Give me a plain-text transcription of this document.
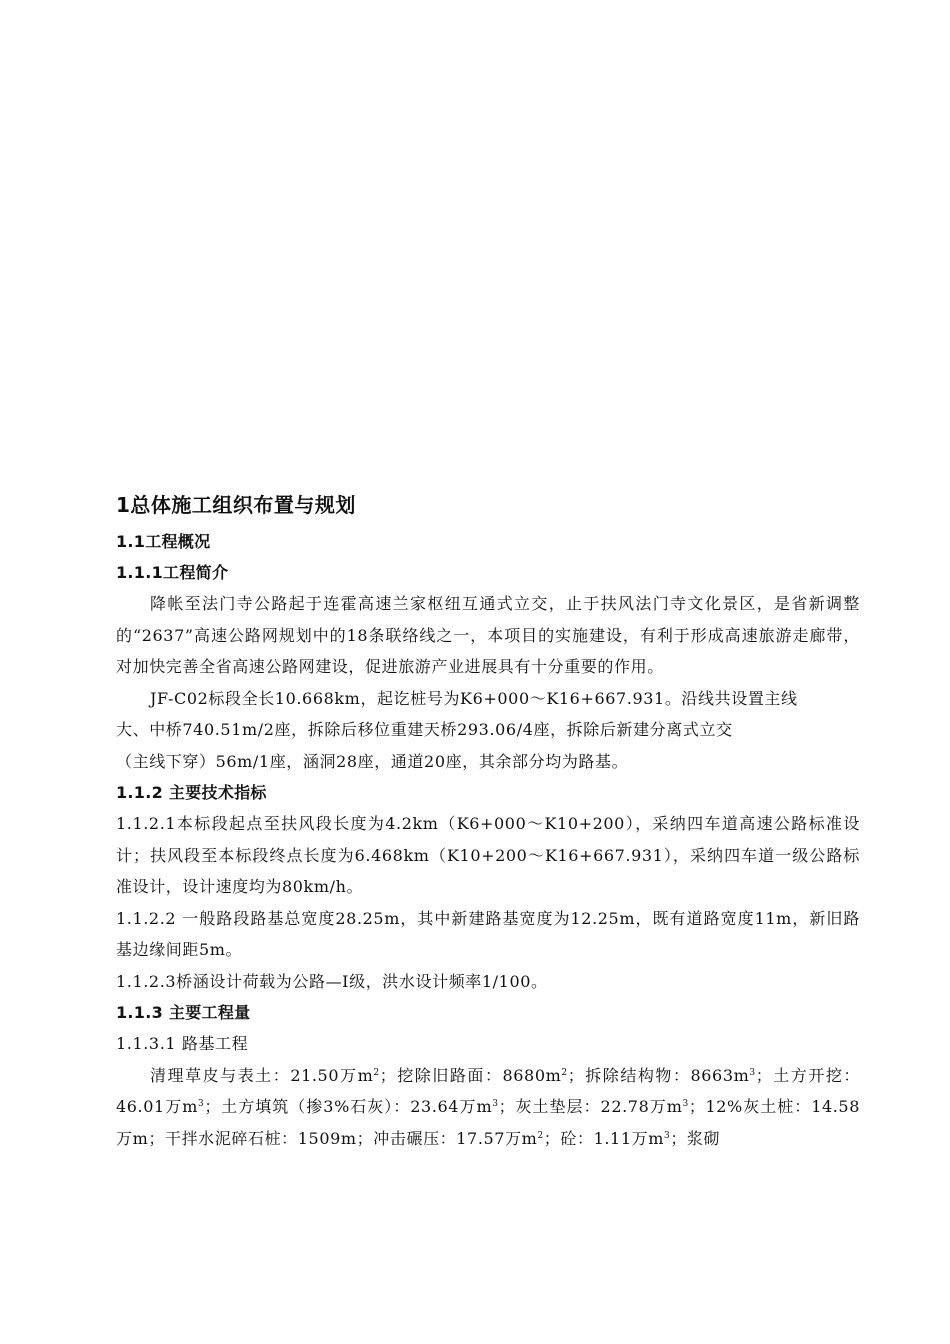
1总体施工组织布置与规划
1.1工程概况
1.1.1工程简介

降帐至法门寺公路起于连霍高速兰家枢纽互通式立交，止于扶风法门寺文化景区，是省新调整的“2637”高速公路网规划中的18条联络线之一，本项目的实施建设，有利于形成高速旅游走廊带，对加快完善全省高速公路网建设，促进旅游产业进展具有十分重要的作用。

JF-C02标段全长10.668km，起讫桩号为K6+000～K16+667.931。沿线共设置主线

大、中桥740.51m/2座，拆除后移位重建天桥293.06/4座，拆除后新建分离式立交

（主线下穿）56m/1座，涵洞28座，通道20座，其余部分均为路基。

1.1.2 主要技术指标

1.1.2.1本标段起点至扶风段长度为4.2km（K6+000～K10+200），采纳四车道高速公路标准设计；扶风段至本标段终点长度为6.468km（K10+200～K16+667.931），采纳四车道一级公路标准设计，设计速度均为80km/h。

1.1.2.2 一般路段路基总宽度28.25m，其中新建路基宽度为12.25m，既有道路宽度11m，新旧路基边缘间距5m。

1.1.2.3桥涵设计荷载为公路—I级，洪水设计频率1/100。

1.1.3 主要工程量

1.1.3.1 路基工程

清理草皮与表土：21.50万$m^2$；挖除旧路面：$8680m^2$；拆除结构物：$8663m^3$；土方开挖：46.01万$m^3$；土方填筑（掺3%石灰）：23.64万$m^3$；灰土垫层：22.78万$m^3$；12%灰土桩：14.58万m；干拌水泥碎石桩：1509m；冲击碾压：17.57万$m^2$；砼：1.11万$m^3$；浆砌
